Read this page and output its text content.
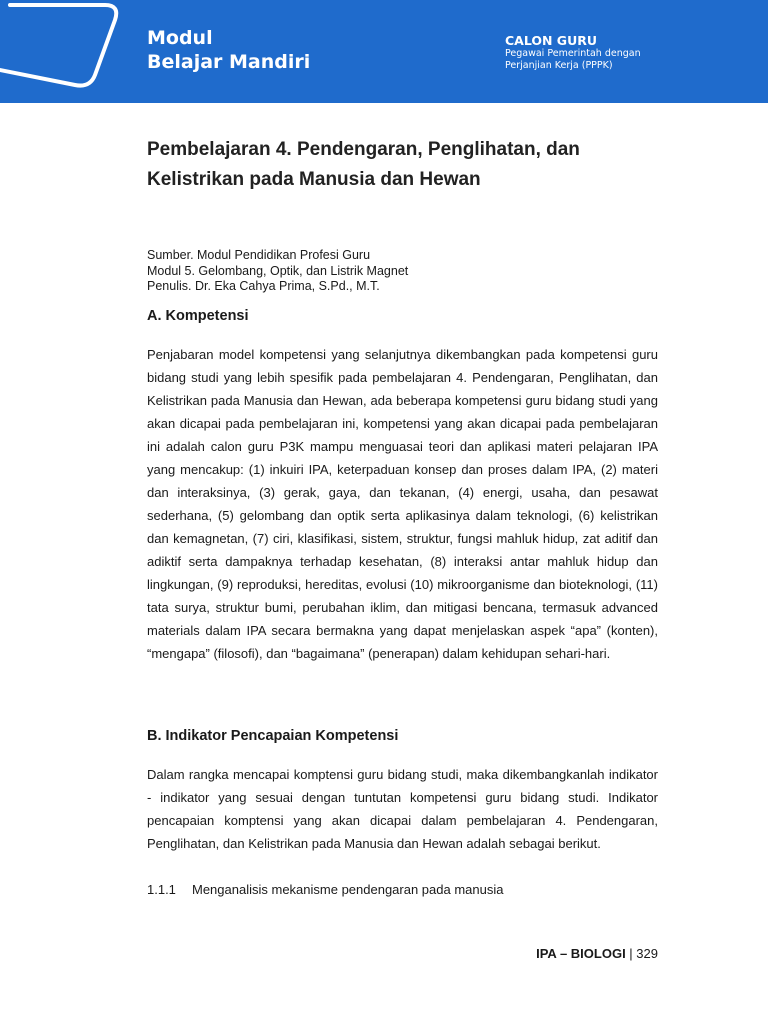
Modul
Belajar Mandiri
CALON GURU
Pegawai Pemerintah dengan
Perjanjian Kerja (PPPK)
Pembelajaran 4. Pendengaran, Penglihatan, dan
Kelistrikan pada Manusia dan Hewan
Sumber. Modul Pendidikan Profesi Guru
Modul 5. Gelombang, Optik, dan Listrik Magnet
Penulis. Dr. Eka Cahya Prima, S.Pd., M.T.
A. Kompetensi
Penjabaran model kompetensi yang selanjutnya dikembangkan pada kompetensi guru bidang studi yang lebih spesifik pada pembelajaran 4. Pendengaran, Penglihatan, dan Kelistrikan pada Manusia dan Hewan, ada beberapa kompetensi guru bidang studi yang akan dicapai pada pembelajaran ini, kompetensi yang akan dicapai pada pembelajaran ini adalah calon guru P3K mampu menguasai teori dan aplikasi materi pelajaran IPA yang mencakup: (1) inkuiri IPA, keterpaduan konsep dan proses dalam IPA, (2) materi dan interaksinya, (3) gerak, gaya, dan tekanan, (4) energi, usaha, dan pesawat sederhana, (5) gelombang dan optik serta aplikasinya dalam teknologi, (6) kelistrikan dan kemagnetan, (7) ciri, klasifikasi, sistem, struktur, fungsi mahluk hidup, zat aditif dan adiktif serta dampaknya terhadap kesehatan, (8) interaksi antar mahluk hidup dan lingkungan, (9) reproduksi, hereditas, evolusi (10) mikroorganisme dan bioteknologi, (11) tata surya, struktur bumi, perubahan iklim, dan mitigasi bencana, termasuk advanced materials dalam IPA secara bermakna yang dapat menjelaskan aspek “apa” (konten), “mengapa” (filosofi), dan “bagaimana” (penerapan) dalam kehidupan sehari-hari.
B. Indikator Pencapaian Kompetensi
Dalam rangka mencapai komptensi guru bidang studi, maka dikembangkanlah indikator - indikator yang sesuai dengan tuntutan kompetensi guru bidang studi. Indikator pencapaian komptensi yang akan dicapai dalam pembelajaran 4. Pendengaran, Penglihatan, dan Kelistrikan pada Manusia dan Hewan adalah sebagai berikut.
1.1.1 Menganalisis mekanisme pendengaran pada manusia
IPA – BIOLOGI | 329
